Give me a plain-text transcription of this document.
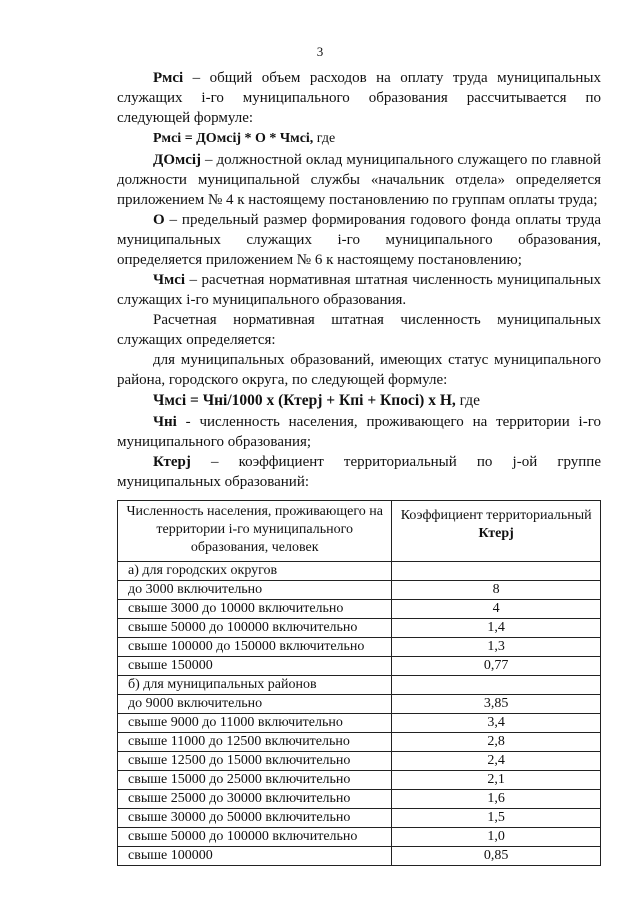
3

Рмсі – общий объем расходов на оплату труда муниципальных служащих і-го муниципального образования рассчитывается по следующей формуле:

Рмсі = ДОмсіj * О * Чмсі, где

ДОмсіj – должностной оклад муниципального служащего по главной должности муниципальной службы «начальник отдела» определяется приложением № 4 к настоящему постановлению по группам оплаты труда;

О – предельный размер формирования годового фонда оплаты труда муниципальных служащих і-го муниципального образования, определяется приложением № 6 к настоящему постановлению;

Чмсі – расчетная нормативная штатная численность муниципальных служащих і-го муниципального образования.

Расчетная нормативная штатная численность муниципальных

служащих определяется:

для муниципальных образований, имеющих статус муниципального района, городского округа, по следующей формуле:

Чмсі = Чні/1000 х (Ктерj + Кпі + Кпосі) х Н, где

Чні - численность населения, проживающего на территории і-го муниципального образования;

Ктерj – коэффициент территориальный по j-ой группе муниципальных образований:

Численность населения, проживающего на территории і-го муниципального образования, человек	Коэффициент территориальный Ктерj
а) для городских округов	
до 3000 включительно	8
свыше 3000 до 10000 включительно	4
свыше 50000 до 100000 включительно	1,4
свыше 100000 до 150000 включительно	1,3
свыше 150000	0,77
б) для муниципальных районов	
до 9000 включительно	3,85
свыше 9000 до 11000 включительно	3,4
свыше 11000 до 12500 включительно	2,8
свыше 12500 до 15000 включительно	2,4
свыше 15000 до 25000 включительно	2,1
свыше 25000 до 30000 включительно	1,6
свыше 30000 до 50000 включительно	1,5
свыше 50000 до 100000 включительно	1,0
свыше 100000	0,85
